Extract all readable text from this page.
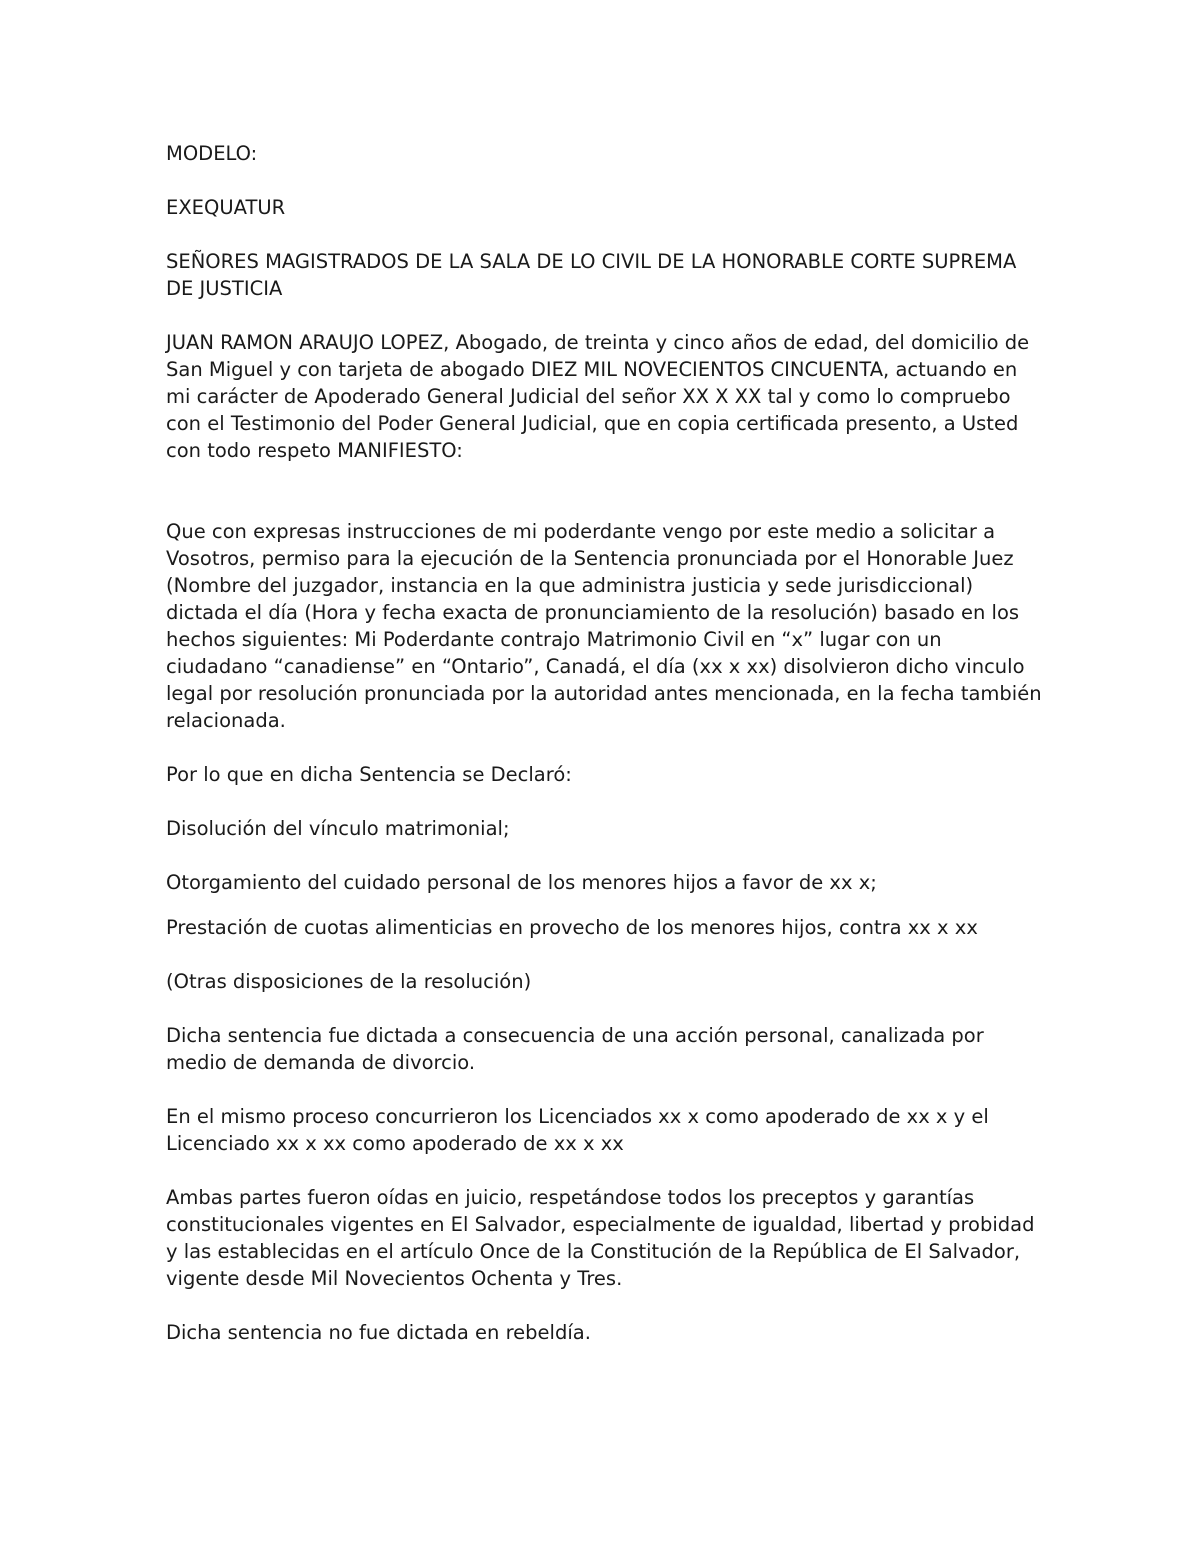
MODELO:

EXEQUATUR

SEÑORES MAGISTRADOS DE LA SALA DE LO CIVIL DE LA HONORABLE CORTE SUPREMA DE JUSTICIA

JUAN RAMON ARAUJO LOPEZ, Abogado, de treinta y cinco años de edad, del domicilio de San Miguel y con tarjeta de abogado DIEZ MIL NOVECIENTOS CINCUENTA, actuando en mi carácter de Apoderado General Judicial del señor XX X XX tal y como lo compruebo con el Testimonio del Poder General Judicial, que en copia certificada presento, a Usted con todo respeto MANIFIESTO:

Que con expresas instrucciones de mi poderdante vengo por este medio a solicitar a Vosotros, permiso para la ejecución de la Sentencia pronunciada por el Honorable Juez (Nombre del juzgador, instancia en la que administra justicia y sede jurisdiccional) dictada el día (Hora y fecha exacta de pronunciamiento de la resolución) basado en los hechos siguientes: Mi Poderdante contrajo Matrimonio Civil en “x” lugar con un ciudadano “canadiense” en “Ontario”, Canadá, el día (xx x xx) disolvieron dicho vinculo legal por resolución pronunciada por la autoridad antes mencionada, en la fecha también relacionada.

Por lo que en dicha Sentencia se Declaró:

Disolución del vínculo matrimonial;

Otorgamiento del cuidado personal de los menores hijos a favor de xx x;

Prestación de cuotas alimenticias en provecho de los menores hijos, contra xx x xx

(Otras disposiciones de la resolución)

Dicha sentencia fue dictada a consecuencia de una acción personal, canalizada por medio de demanda de divorcio.

En el mismo proceso concurrieron los Licenciados xx x como apoderado de xx x y el Licenciado xx x xx como apoderado de xx x xx

Ambas partes fueron oídas en juicio, respetándose todos los preceptos y garantías constitucionales vigentes en El Salvador, especialmente de igualdad, libertad y probidad y las establecidas en el artículo Once de la Constitución de la República de El Salvador, vigente desde Mil Novecientos Ochenta y Tres.

Dicha sentencia no fue dictada en rebeldía.
